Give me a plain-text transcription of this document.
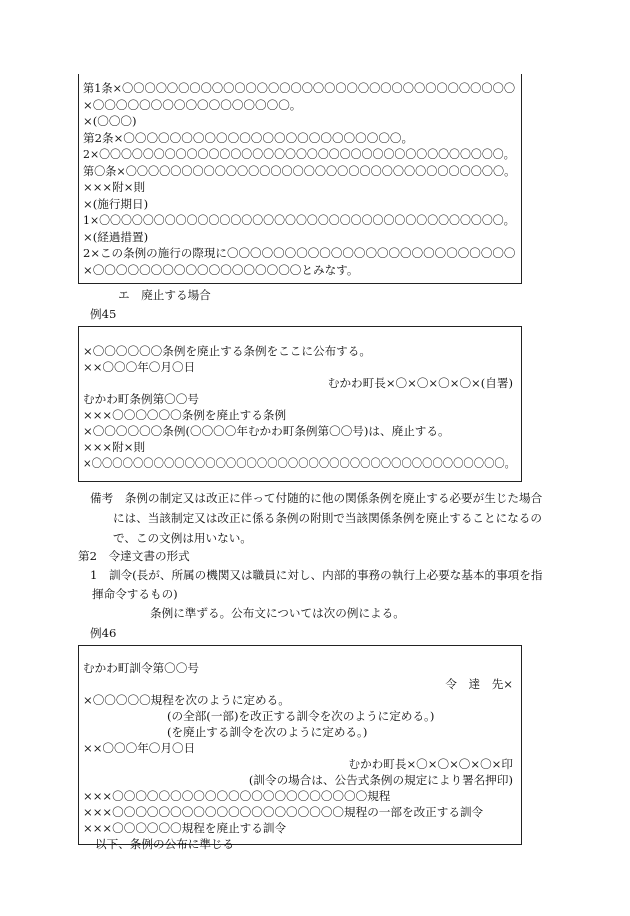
第1条×〇〇〇〇〇〇〇〇〇〇〇〇〇〇〇〇〇〇〇〇〇〇〇〇〇〇〇〇〇〇〇〇〇〇〇
×〇〇〇〇〇〇〇〇〇〇〇〇〇〇〇〇〇。
×(〇〇〇)
第2条×〇〇〇〇〇〇〇〇〇〇〇〇〇〇〇〇〇〇〇〇〇〇〇〇。
2×〇〇〇〇〇〇〇〇〇〇〇〇〇〇〇〇〇〇〇〇〇〇〇〇〇〇〇〇〇〇〇〇〇〇〇〇〇。
第〇条×〇〇〇〇〇〇〇〇〇〇〇〇〇〇〇〇〇〇〇〇〇〇〇〇〇〇〇〇〇〇〇〇〇〇。
×××附×則
×(施行期日)
1×〇〇〇〇〇〇〇〇〇〇〇〇〇〇〇〇〇〇〇〇〇〇〇〇〇〇〇〇〇〇〇〇〇〇〇〇〇。
×(経過措置)
2×この条例の施行の際現に〇〇〇〇〇〇〇〇〇〇〇〇〇〇〇〇〇〇〇〇〇〇〇〇〇
×〇〇〇〇〇〇〇〇〇〇〇〇〇〇〇〇〇〇とみなす。
エ　廃止する場合
例45
×〇〇〇〇〇〇条例を廃止する条例をここに公布する。
××〇〇〇年〇月〇日
むかわ町長×〇×〇×〇×〇×(自署)
むかわ町条例第〇〇号
×××〇〇〇〇〇〇条例を廃止する条例
×〇〇〇〇〇〇条例(〇〇〇〇年むかわ町条例第〇〇号)は、廃止する。
×××附×則
×〇〇〇〇〇〇〇〇〇〇〇〇〇〇〇〇〇〇〇〇〇〇〇〇〇〇〇〇〇〇〇〇〇〇〇〇〇〇〇〇。
備考　条例の制定又は改正に伴って付随的に他の関係条例を廃止する必要が生じた場合
には、当該制定又は改正に係る条例の附則で当該関係条例を廃止することになるの
で、この文例は用いない。
第2　令達文書の形式
1　訓令(長が、所属の機関又は職員に対し、内部的事務の執行上必要な基本的事項を指
揮命令するもの)
条例に準ずる。公布文については次の例による。
例46
むかわ町訓令第〇〇号
令　達　先×
×〇〇〇〇〇規程を次のように定める。
(の全部(一部)を改正する訓令を次のように定める。)
(を廃止する訓令を次のように定める。)
××〇〇〇年〇月〇日
むかわ町長×〇×〇×〇×〇×印
(訓令の場合は、公告式条例の規定により署名押印)
×××〇〇〇〇〇〇〇〇〇〇〇〇〇〇〇〇〇〇〇〇〇〇規程
×××〇〇〇〇〇〇〇〇〇〇〇〇〇〇〇〇〇〇〇〇規程の一部を改正する訓令
×××〇〇〇〇〇〇規程を廃止する訓令
以下、条例の公布に準じる
